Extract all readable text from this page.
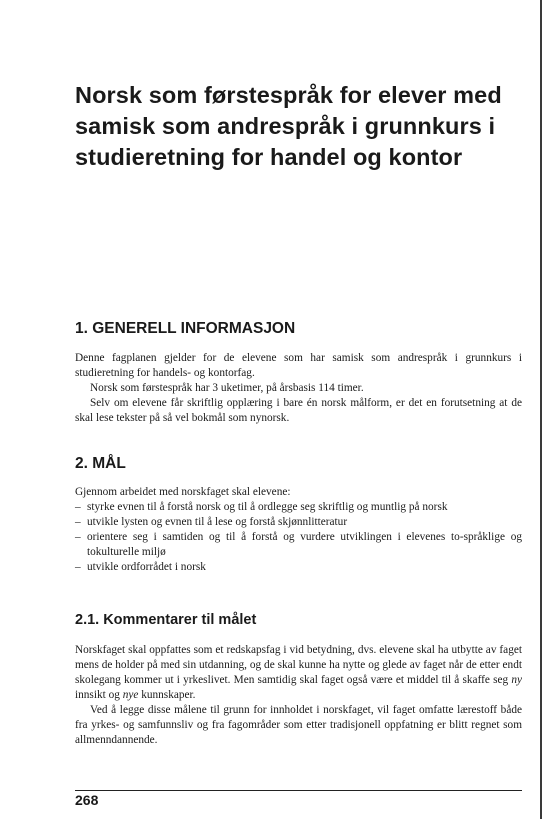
Norsk som førstespråk for elever med samisk som andrespråk i grunnkurs i studieretning for handel og kontor
1. GENERELL INFORMASJON

Denne fagplanen gjelder for de elevene som har samisk som andrespråk i grunnkurs i studieretning for handels- og kontorfag.

Norsk som førstespråk har 3 uketimer, på årsbasis 114 timer.

Selv om elevene får skriftlig opplæring i bare én norsk målform, er det en forutsetning at de skal lese tekster på så vel bokmål som nynorsk.

2. MÅL

Gjennom arbeidet med norskfaget skal elevene:

– styrke evnen til å forstå norsk og til å ordlegge seg skriftlig og muntlig på norsk
– utvikle lysten og evnen til å lese og forstå skjønnlitteratur
– orientere seg i samtiden og til å forstå og vurdere utviklingen i elevenes to-språklige og tokulturelle miljø
– utvikle ordforrådet i norsk
2.1. Kommentarer til målet

Norskfaget skal oppfattes som et redskapsfag i vid betydning, dvs. elevene skal ha utbytte av faget mens de holder på med sin utdanning, og de skal kunne ha nytte og glede av faget når de etter endt skolegang kommer ut i yrkeslivet. Men samtidig skal faget også være et middel til å skaffe seg ny innsikt og nye kunnskaper.

Ved å legge disse målene til grunn for innholdet i norskfaget, vil faget omfatte lærestoff både fra yrkes- og samfunnsliv og fra fagområder som etter tradisjonell oppfatning er blitt regnet som allmenndannende.

268
